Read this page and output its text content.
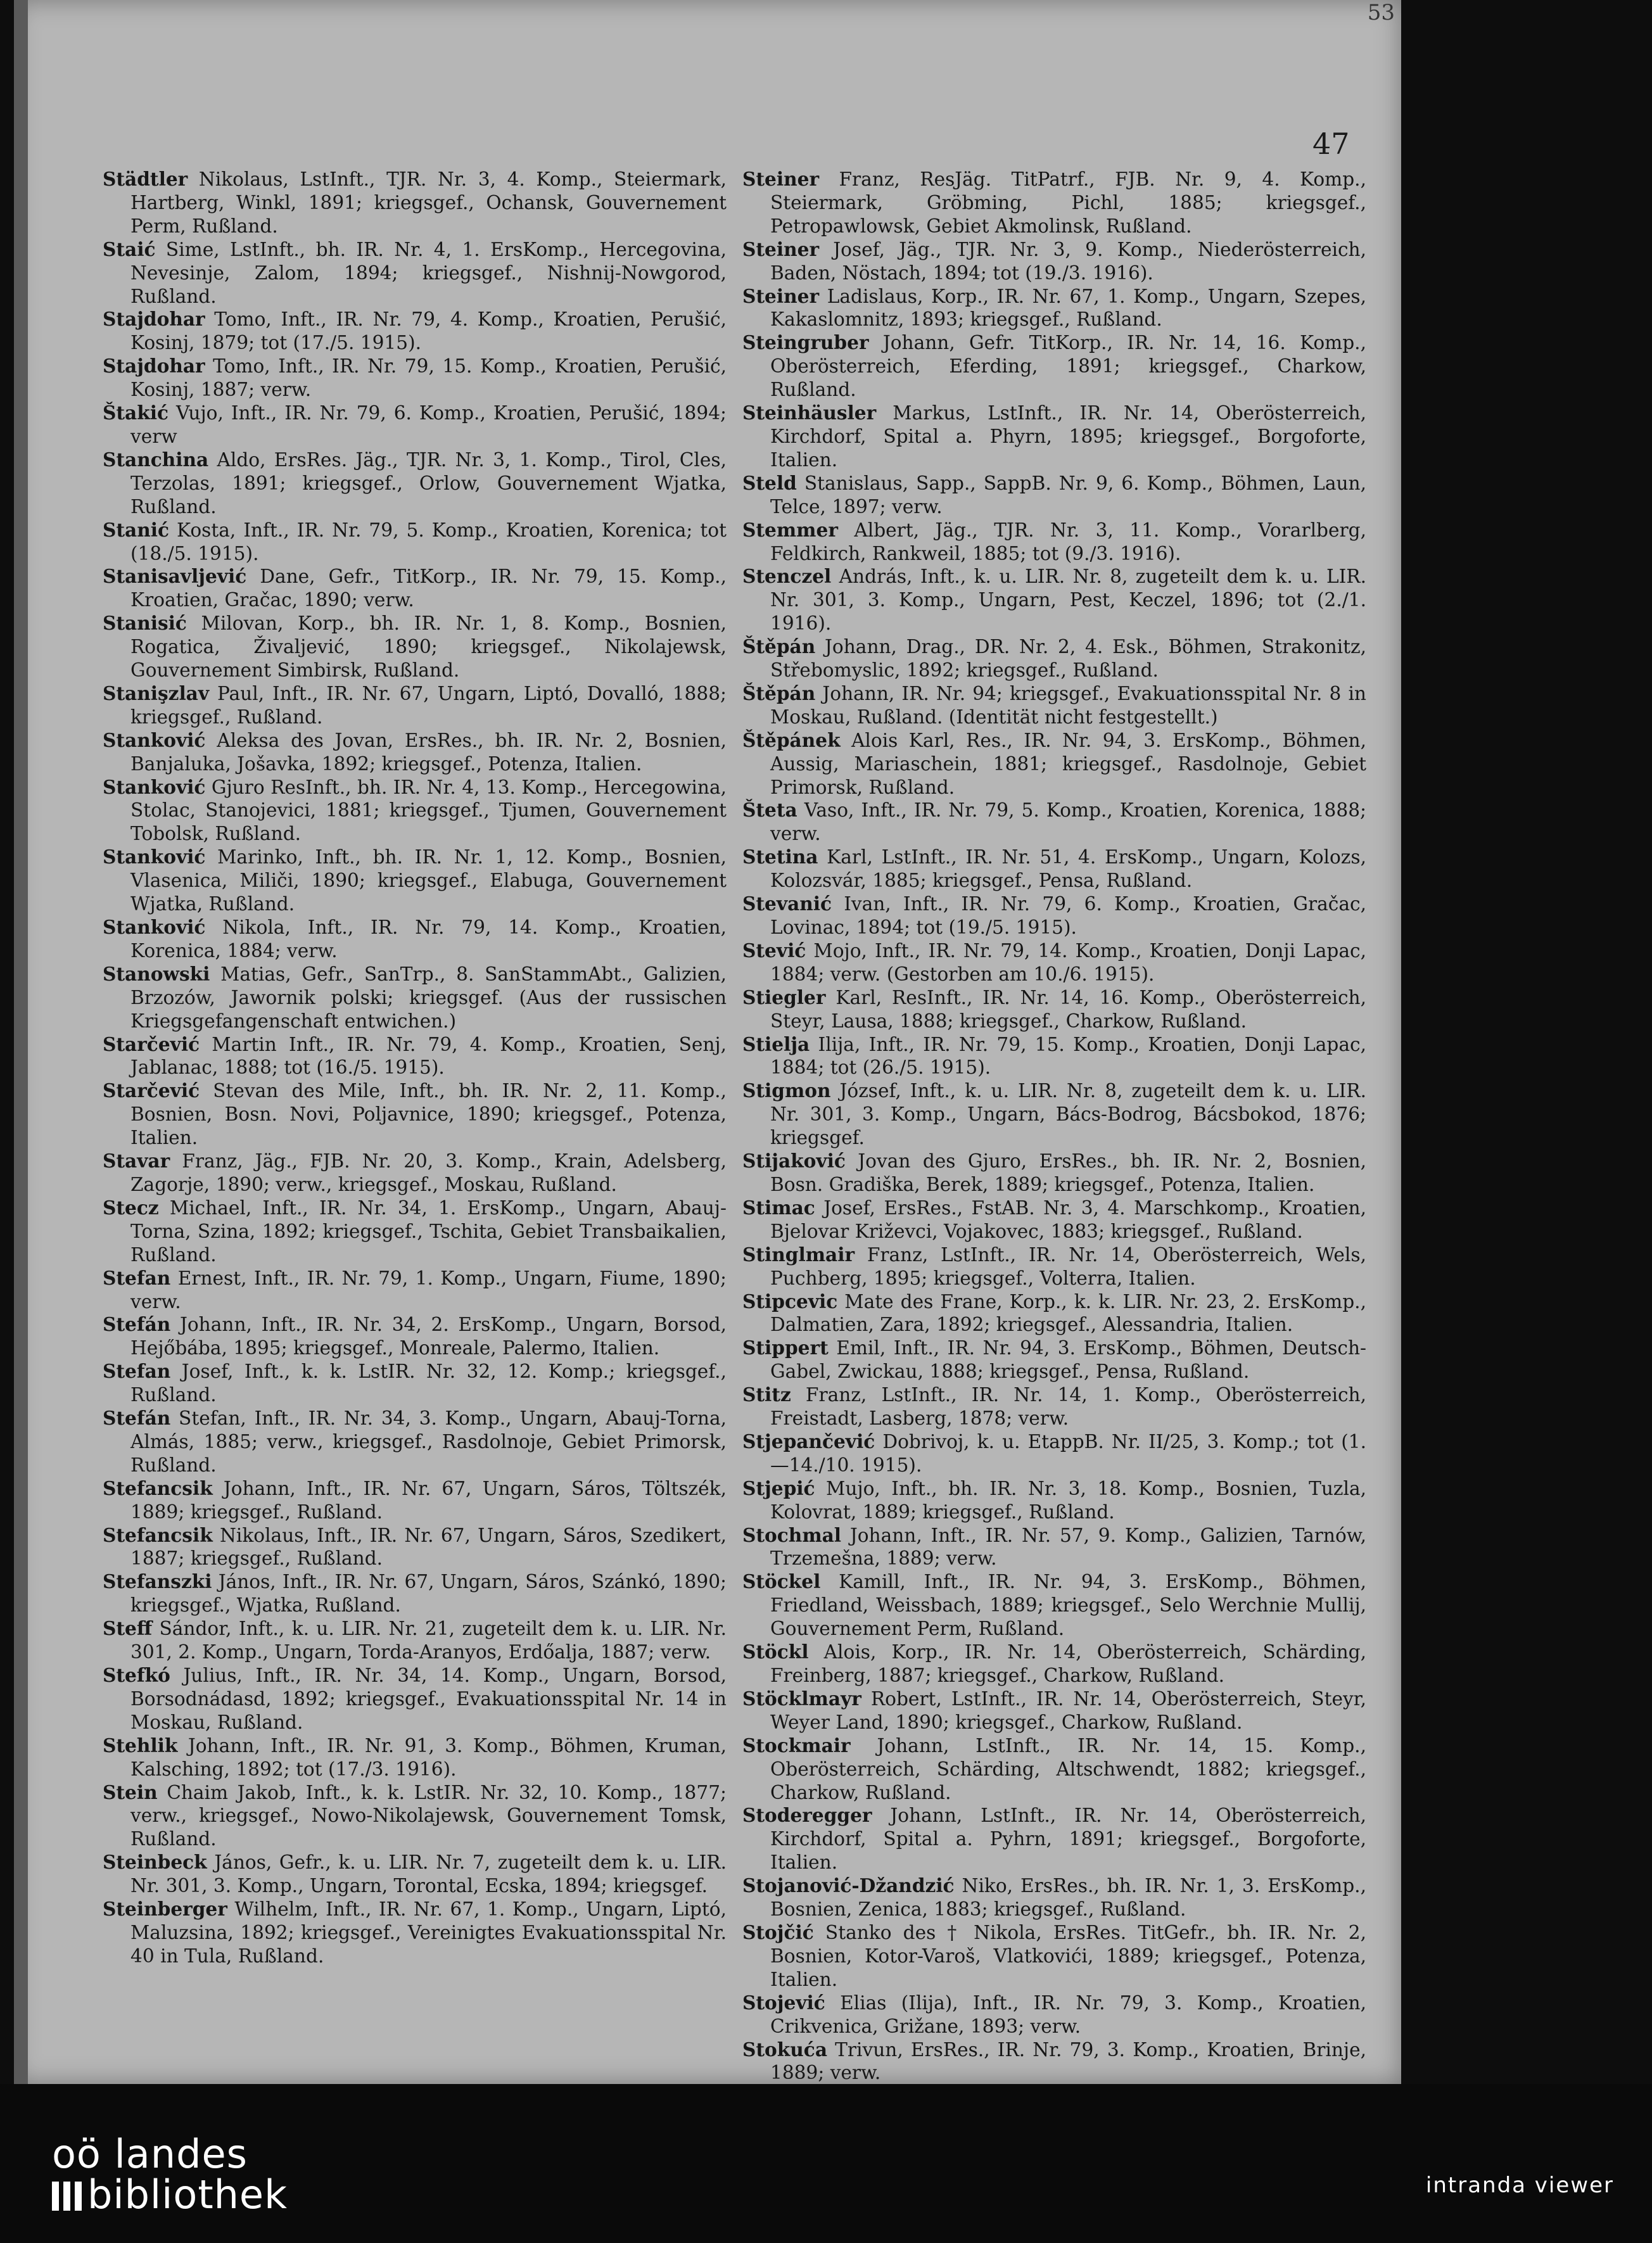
53
47
Städtler Nikolaus, LstInft., TJR. Nr. 3, 4. Komp., Steiermark, Hartberg, Winkl, 1891; kriegsgef., Ochansk, Gouvernement Perm, Rußland.
Staić Sime, LstInft., bh. IR. Nr. 4, 1. ErsKomp., Hercegovina, Nevesinje, Zalom, 1894; kriegsgef., Nishnij-Nowgorod, Rußland.
Stajdohar Tomo, Inft., IR. Nr. 79, 4. Komp., Kroatien, Perušić, Kosinj, 1879; tot (17./5. 1915).
Stajdohar Tomo, Inft., IR. Nr. 79, 15. Komp., Kroatien, Perušić, Kosinj, 1887; verw.
Štakić Vujo, Inft., IR. Nr. 79, 6. Komp., Kroatien, Perušić, 1894; verw
Stanchina Aldo, ErsRes. Jäg., TJR. Nr. 3, 1. Komp., Tirol, Cles, Terzolas, 1891; kriegsgef., Orlow, Gouvernement Wjatka, Rußland.
Stanić Kosta, Inft., IR. Nr. 79, 5. Komp., Kroatien, Korenica; tot (18./5. 1915).
Stanisavljević Dane, Gefr., TitKorp., IR. Nr. 79, 15. Komp., Kroatien, Gračac, 1890; verw.
Stanisić Milovan, Korp., bh. IR. Nr. 1, 8. Komp., Bosnien, Rogatica, Živaljević, 1890; kriegsgef., Nikolajewsk, Gouvernement Simbirsk, Rußland.
Stanişzlav Paul, Inft., IR. Nr. 67, Ungarn, Liptó, Dovalló, 1888; kriegsgef., Rußland.
Stanković Aleksa des Jovan, ErsRes., bh. IR. Nr. 2, Bosnien, Banjaluka, Jošavka, 1892; kriegsgef., Potenza, Italien.
Stanković Gjuro ResInft., bh. IR. Nr. 4, 13. Komp., Hercegowina, Stolac, Stanojevici, 1881; kriegsgef., Tjumen, Gouvernement Tobolsk, Rußland.
Stanković Marinko, Inft., bh. IR. Nr. 1, 12. Komp., Bosnien, Vlasenica, Miliči, 1890; kriegsgef., Elabuga, Gouvernement Wjatka, Rußland.
Stanković Nikola, Inft., IR. Nr. 79, 14. Komp., Kroatien, Korenica, 1884; verw.
Stanowski Matias, Gefr., SanTrp., 8. SanStammAbt., Galizien, Brzozów, Jawornik polski; kriegsgef. (Aus der russischen Kriegsgefangenschaft entwichen.)
Starčević Martin Inft., IR. Nr. 79, 4. Komp., Kroatien, Senj, Jablanac, 1888; tot (16./5. 1915).
Starčević Stevan des Mile, Inft., bh. IR. Nr. 2, 11. Komp., Bosnien, Bosn. Novi, Poljavnice, 1890; kriegsgef., Potenza, Italien.
Stavar Franz, Jäg., FJB. Nr. 20, 3. Komp., Krain, Adelsberg, Zagorje, 1890; verw., kriegsgef., Moskau, Rußland.
Stecz Michael, Inft., IR. Nr. 34, 1. ErsKomp., Ungarn, Abauj-Torna, Szina, 1892; kriegsgef., Tschita, Gebiet Transbaikalien, Rußland.
Stefan Ernest, Inft., IR. Nr. 79, 1. Komp., Ungarn, Fiume, 1890; verw.
Stefán Johann, Inft., IR. Nr. 34, 2. ErsKomp., Ungarn, Borsod, Hejőbába, 1895; kriegsgef., Monreale, Palermo, Italien.
Stefan Josef, Inft., k. k. LstIR. Nr. 32, 12. Komp.; kriegsgef., Rußland.
Stefán Stefan, Inft., IR. Nr. 34, 3. Komp., Ungarn, Abauj-Torna, Almás, 1885; verw., kriegsgef., Rasdolnoje, Gebiet Primorsk, Rußland.
Stefancsik Johann, Inft., IR. Nr. 67, Ungarn, Sáros, Töltszék, 1889; kriegsgef., Rußland.
Stefancsik Nikolaus, Inft., IR. Nr. 67, Ungarn, Sáros, Szedikert, 1887; kriegsgef., Rußland.
Stefanszki János, Inft., IR. Nr. 67, Ungarn, Sáros, Szánkó, 1890; kriegsgef., Wjatka, Rußland.
Steff Sándor, Inft., k. u. LIR. Nr. 21, zugeteilt dem k. u. LIR. Nr. 301, 2. Komp., Ungarn, Torda-Aranyos, Erdőalja, 1887; verw.
Stefkó Julius, Inft., IR. Nr. 34, 14. Komp., Ungarn, Borsod, Borsodnádasd, 1892; kriegsgef., Evakuationsspital Nr. 14 in Moskau, Rußland.
Stehlik Johann, Inft., IR. Nr. 91, 3. Komp., Böhmen, Kruman, Kalsching, 1892; tot (17./3. 1916).
Stein Chaim Jakob, Inft., k. k. LstIR. Nr. 32, 10. Komp., 1877; verw., kriegsgef., Nowo-Nikolajewsk, Gouvernement Tomsk, Rußland.
Steinbeck János, Gefr., k. u. LIR. Nr. 7, zugeteilt dem k. u. LIR. Nr. 301, 3. Komp., Ungarn, Torontal, Ecska, 1894; kriegsgef.
Steinberger Wilhelm, Inft., IR. Nr. 67, 1. Komp., Ungarn, Liptó, Maluzsina, 1892; kriegsgef., Vereinigtes Evakuationsspital Nr. 40 in Tula, Rußland.
Steiner Franz, ResJäg. TitPatrf., FJB. Nr. 9, 4. Komp., Steiermark, Gröbming, Pichl, 1885; kriegsgef., Petropawlowsk, Gebiet Akmolinsk, Rußland.
Steiner Josef, Jäg., TJR. Nr. 3, 9. Komp., Niederösterreich, Baden, Nöstach, 1894; tot (19./3. 1916).
Steiner Ladislaus, Korp., IR. Nr. 67, 1. Komp., Ungarn, Szepes, Kakaslomnitz, 1893; kriegsgef., Rußland.
Steingruber Johann, Gefr. TitKorp., IR. Nr. 14, 16. Komp., Oberösterreich, Eferding, 1891; kriegsgef., Charkow, Rußland.
Steinhäusler Markus, LstInft., IR. Nr. 14, Oberösterreich, Kirchdorf, Spital a. Phyrn, 1895; kriegsgef., Borgoforte, Italien.
Steld Stanislaus, Sapp., SappB. Nr. 9, 6. Komp., Böhmen, Laun, Telce, 1897; verw.
Stemmer Albert, Jäg., TJR. Nr. 3, 11. Komp., Vorarlberg, Feldkirch, Rankweil, 1885; tot (9./3. 1916).
Stenczel András, Inft., k. u. LIR. Nr. 8, zugeteilt dem k. u. LIR. Nr. 301, 3. Komp., Ungarn, Pest, Keczel, 1896; tot (2./1. 1916).
Štěpán Johann, Drag., DR. Nr. 2, 4. Esk., Böhmen, Strakonitz, Střebomyslic, 1892; kriegsgef., Rußland.
Štěpán Johann, IR. Nr. 94; kriegsgef., Evakuationsspital Nr. 8 in Moskau, Rußland. (Identität nicht festgestellt.)
Štěpánek Alois Karl, Res., IR. Nr. 94, 3. ErsKomp., Böhmen, Aussig, Mariaschein, 1881; kriegsgef., Rasdolnoje, Gebiet Primorsk, Rußland.
Šteta Vaso, Inft., IR. Nr. 79, 5. Komp., Kroatien, Korenica, 1888; verw.
Stetina Karl, LstInft., IR. Nr. 51, 4. ErsKomp., Ungarn, Kolozs, Kolozsvár, 1885; kriegsgef., Pensa, Rußland.
Stevanić Ivan, Inft., IR. Nr. 79, 6. Komp., Kroatien, Gračac, Lovinac, 1894; tot (19./5. 1915).
Stević Mojo, Inft., IR. Nr. 79, 14. Komp., Kroatien, Donji Lapac, 1884; verw. (Gestorben am 10./6. 1915).
Stiegler Karl, ResInft., IR. Nr. 14, 16. Komp., Oberösterreich, Steyr, Lausa, 1888; kriegsgef., Charkow, Rußland.
Stielja Ilija, Inft., IR. Nr. 79, 15. Komp., Kroatien, Donji Lapac, 1884; tot (26./5. 1915).
Stigmon József, Inft., k. u. LIR. Nr. 8, zugeteilt dem k. u. LIR. Nr. 301, 3. Komp., Ungarn, Bács-Bodrog, Bácsbokod, 1876; kriegsgef.
Stijaković Jovan des Gjuro, ErsRes., bh. IR. Nr. 2, Bosnien, Bosn. Gradiška, Berek, 1889; kriegsgef., Potenza, Italien.
Stimac Josef, ErsRes., FstAB. Nr. 3, 4. Marschkomp., Kroatien, Bjelovar Križevci, Vojakovec, 1883; kriegsgef., Rußland.
Stinglmair Franz, LstInft., IR. Nr. 14, Oberösterreich, Wels, Puchberg, 1895; kriegsgef., Volterra, Italien.
Stipcevic Mate des Frane, Korp., k. k. LIR. Nr. 23, 2. ErsKomp., Dalmatien, Zara, 1892; kriegsgef., Alessandria, Italien.
Stippert Emil, Inft., IR. Nr. 94, 3. ErsKomp., Böhmen, Deutsch-Gabel, Zwickau, 1888; kriegsgef., Pensa, Rußland.
Stitz Franz, LstInft., IR. Nr. 14, 1. Komp., Oberösterreich, Freistadt, Lasberg, 1878; verw.
Stjepančević Dobrivoj, k. u. EtappB. Nr. II/25, 3. Komp.; tot (1.—14./10. 1915).
Stjepić Mujo, Inft., bh. IR. Nr. 3, 18. Komp., Bosnien, Tuzla, Kolovrat, 1889; kriegsgef., Rußland.
Stochmal Johann, Inft., IR. Nr. 57, 9. Komp., Galizien, Tarnów, Trzemešna, 1889; verw.
Stöckel Kamill, Inft., IR. Nr. 94, 3. ErsKomp., Böhmen, Friedland, Weissbach, 1889; kriegsgef., Selo Werchnie Mullij, Gouvernement Perm, Rußland.
Stöckl Alois, Korp., IR. Nr. 14, Oberösterreich, Schärding, Freinberg, 1887; kriegsgef., Charkow, Rußland.
Stöcklmayr Robert, LstInft., IR. Nr. 14, Oberösterreich, Steyr, Weyer Land, 1890; kriegsgef., Charkow, Rußland.
Stockmair Johann, LstInft., IR. Nr. 14, 15. Komp., Oberösterreich, Schärding, Altschwendt, 1882; kriegsgef., Charkow, Rußland.
Stoderegger Johann, LstInft., IR. Nr. 14, Oberösterreich, Kirchdorf, Spital a. Pyhrn, 1891; kriegsgef., Borgoforte, Italien.
Stojanović-Džandzić Niko, ErsRes., bh. IR. Nr. 1, 3. ErsKomp., Bosnien, Zenica, 1883; kriegsgef., Rußland.
Stojčić Stanko des † Nikola, ErsRes. TitGefr., bh. IR. Nr. 2, Bosnien, Kotor-Varoš, Vlatkovići, 1889; kriegsgef., Potenza, Italien.
Stojević Elias (Ilija), Inft., IR. Nr. 79, 3. Komp., Kroatien, Crikvenica, Grižane, 1893; verw.
Stokuća Trivun, ErsRes., IR. Nr. 79, 3. Komp., Kroatien, Brinje, 1889; verw.
oö landes
bibliothek	intranda viewer
